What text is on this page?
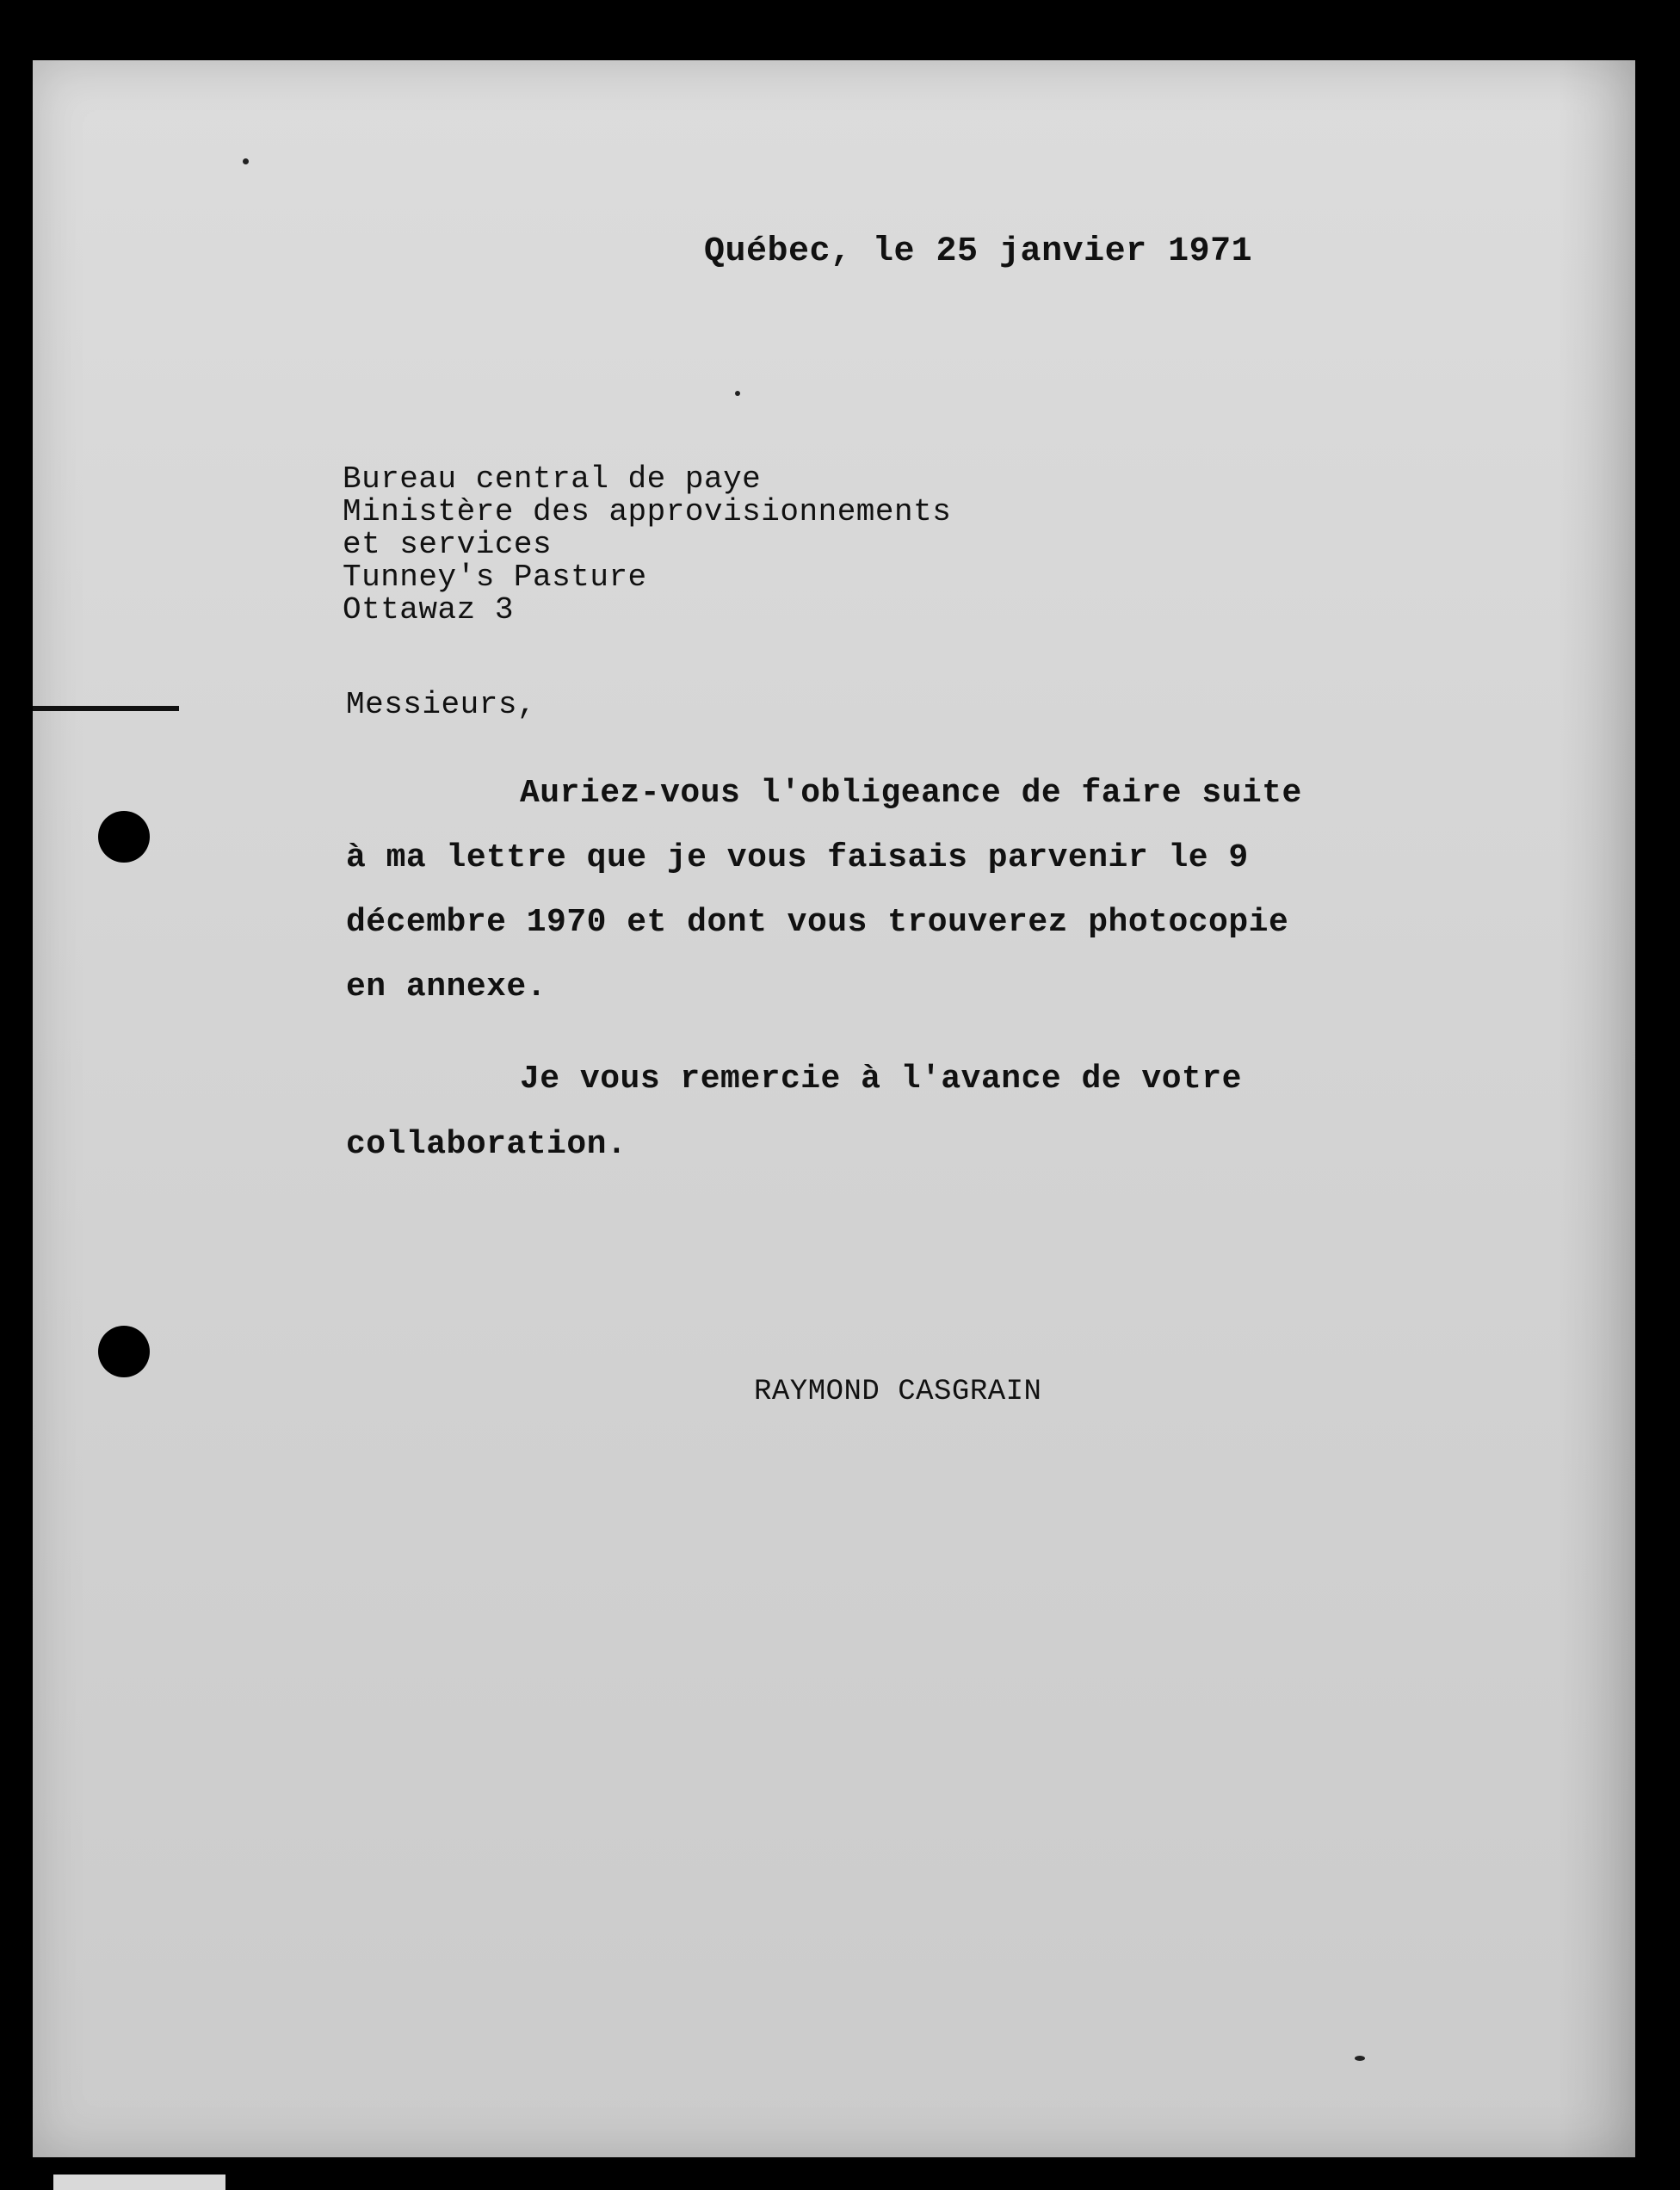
Québec, le 25 janvier 1971

Bureau central de paye

Ministère des approvisionnements

et services

Tunney's Pasture

Ottawaz 3

Messieurs,

Auriez-vous l'obligeance de faire suite

à ma lettre que je vous faisais parvenir le 9

décembre 1970 et dont vous trouverez photocopie

en annexe.

Je vous remercie à l'avance de votre

collaboration.

RAYMOND CASGRAIN
